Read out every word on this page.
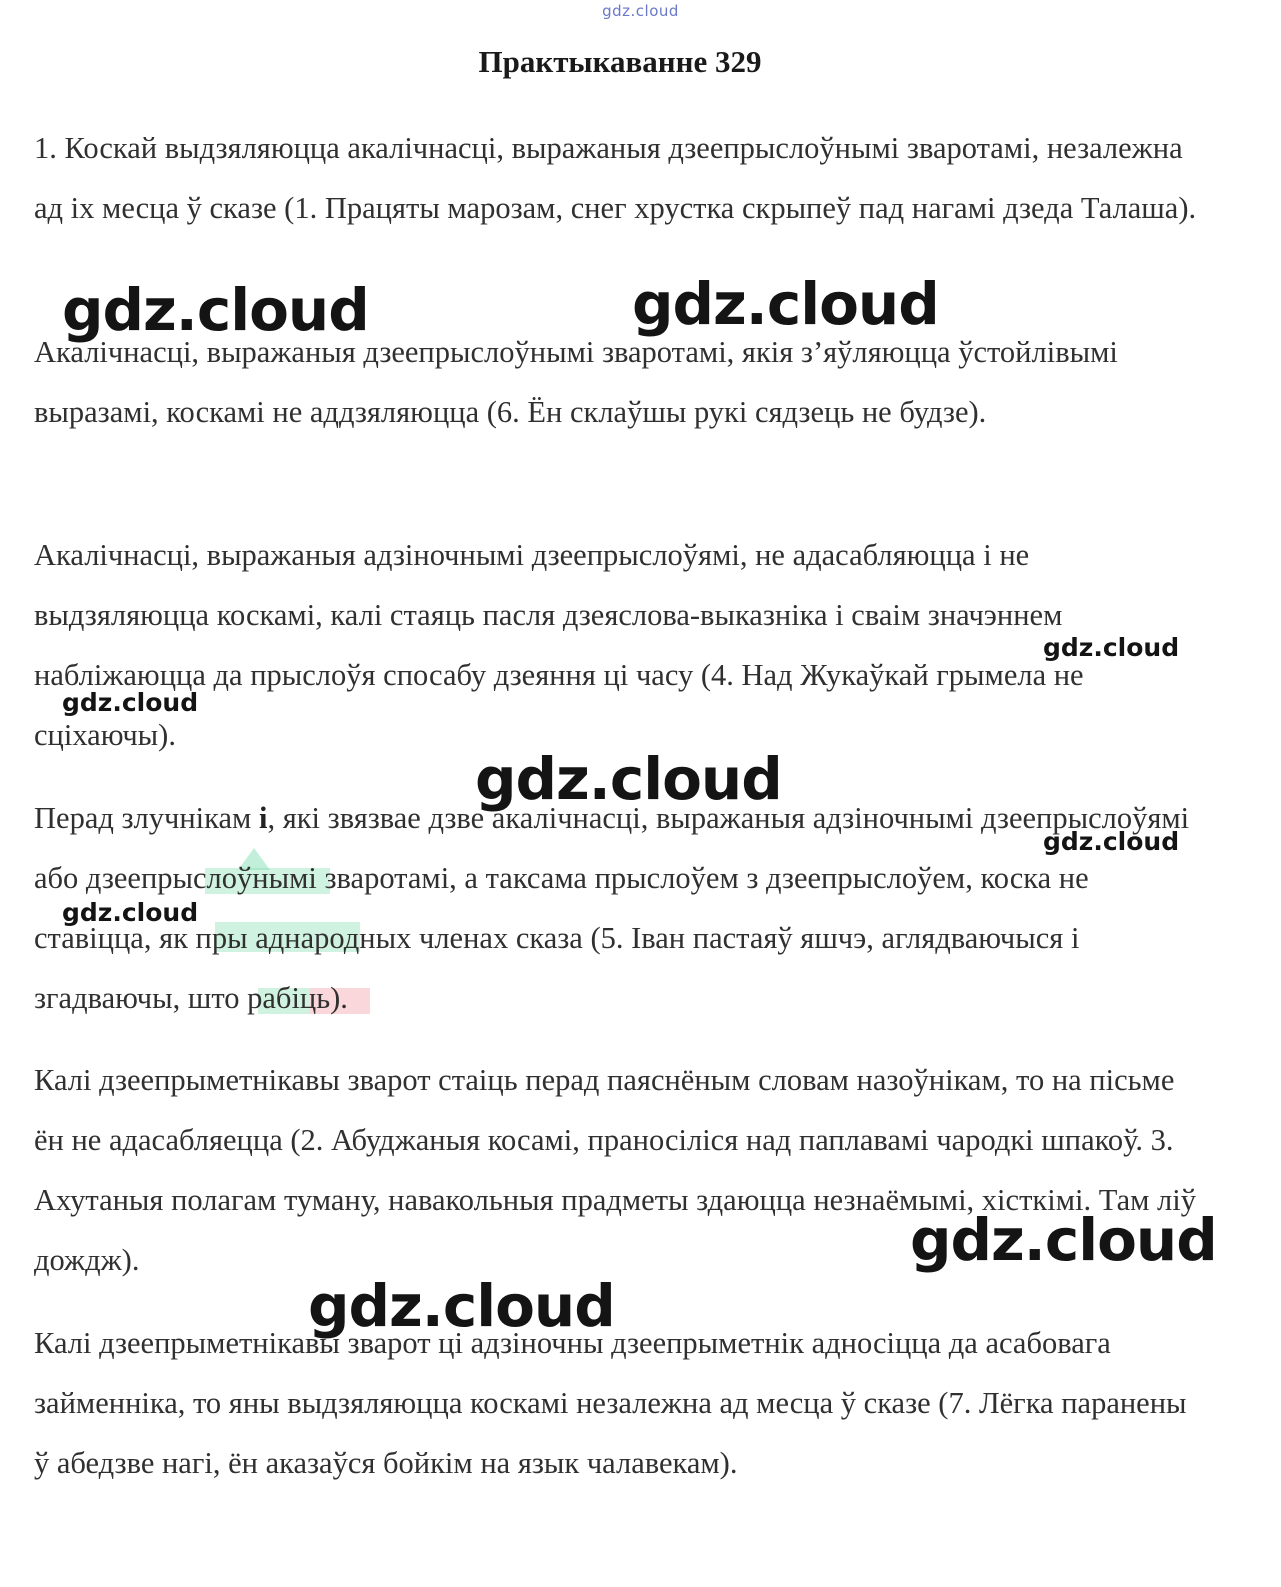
gdz.cloud
Практыкаванне 329

1. Коскай выдзяляюцца акалічнасці, выражаныя дзеепрыслоўнымі зваротамі, незалежна ад іх месца ў сказе (1. Працяты марозам, снег хрустка скрыпеў пад нагамі дзеда Талаша).

Акалічнасці, выражаныя дзеепрыслоўнымі зваротамі, якія з’яўляюцца ўстойлівымі выразамі, коскамі не аддзяляюцца (6. Ён склаўшы рукі сядзець не будзе).

Акалічнасці, выражаныя адзіночнымі дзеепрыслоўямі, не адасабляюцца і не выдзяляюцца коскамі, калі стаяць пасля дзеяслова-выказніка і сваім значэннем набліжаюцца да прыслоўя спосабу дзеяння ці часу (4. Над Жукаўкай грымела не сціхаючы).

Перад злучнікам і, які звязвае дзве акалічнасці, выражаныя адзіночнымі дзеепрыслоўямі або дзеепрыслоўнымі зваротамі, а таксама прыслоўем з дзеепрыслоўем, коска не ставіцца, як пры аднародных членах сказа (5. Іван пастаяў яшчэ, аглядваючыся і згадваючы, што рабіць).

Калі дзеепрыметнікавы зварот стаіць перад паяснёным словам назоўнікам, то на пісьме ён не адасабляецца (2. Абуджаныя косамі, праносіліся над паплавамі чародкі шпакоў. 3. Ахутаныя полагам туману, навакольныя прадметы здаюцца незнаёмымі, хісткімі. Там ліў дождж).

Калі дзеепрыметнікавы зварот ці адзіночны дзеепрыметнік адносіцца да асабовага займенніка, то яны выдзяляюцца коскамі незалежна ад месца ў сказе (7. Лёгка паранены ў абедзве нагі, ён аказаўся бойкім на язык чалавекам).

gdz.cloud	gdz.cloud
gdz.cloud
gdz.cloud
gdz.cloud
gdz.cloud
gdz.cloud
gdz.cloud
gdz.cloud
